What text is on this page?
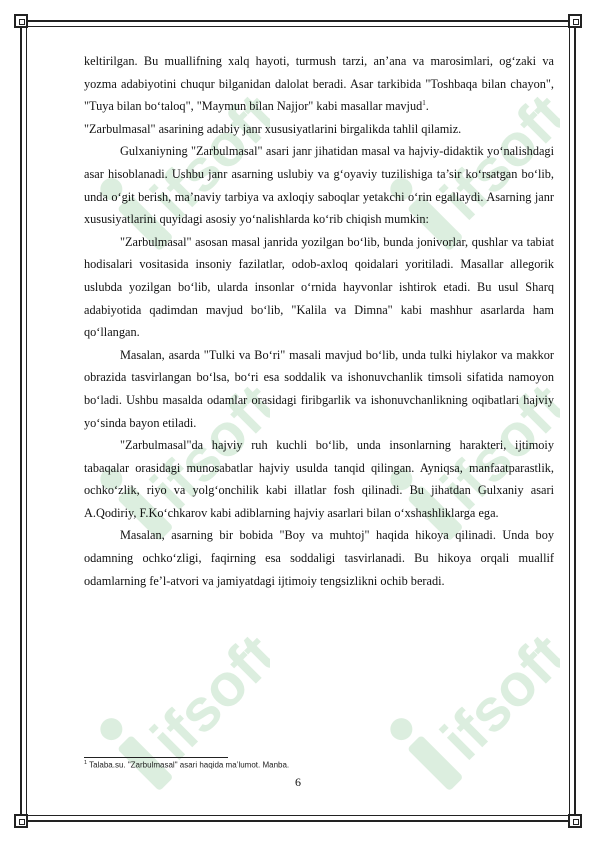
ifsoft ifsoft
ifsoft ifsoft
ifsoft ifsoft

keltirilgan. Bu muallifning xalq hayoti, turmush tarzi, an’ana va marosimlari, og‘zaki va yozma adabiyotini chuqur bilganidan dalolat beradi. Asar tarkibida "Toshbaqa bilan chayon", "Tuya bilan bo‘taloq", "Maymun bilan Najjor" kabi masallar mavjud$^1$.

"Zarbulmasal" asarining adabiy janr xususiyatlarini birgalikda tahlil qilamiz.

Gulxaniyning "Zarbulmasal" asari janr jihatidan masal va hajviy-didaktik yo‘nalishdagi asar hisoblanadi. Ushbu janr asarning uslubiy va g‘oyaviy tuzilishiga ta’sir ko‘rsatgan bo‘lib, unda o‘git berish, ma’naviy tarbiya va axloqiy saboqlar yetakchi o‘rin egallaydi. Asarning janr xususiyatlarini quyidagi asosiy yo‘nalishlarda ko‘rib chiqish mumkin:

"Zarbulmasal" asosan masal janrida yozilgan bo‘lib, bunda jonivorlar, qushlar va tabiat hodisalari vositasida insoniy fazilatlar, odob-axloq qoidalari yoritiladi. Masallar allegorik uslubda yozilgan bo‘lib, ularda insonlar o‘rnida hayvonlar ishtirok etadi. Bu usul Sharq adabiyotida qadimdan mavjud bo‘lib, "Kalila va Dimna" kabi mashhur asarlarda ham qo‘llangan.

Masalan, asarda "Tulki va Bo‘ri" masali mavjud bo‘lib, unda tulki hiylakor va makkor obrazida tasvirlangan bo‘lsa, bo‘ri esa soddalik va ishonuvchanlik timsoli sifatida namoyon bo‘ladi. Ushbu masalda odamlar orasidagi firibgarlik va ishonuvchanlikning oqibatlari hajviy yo‘sinda bayon etiladi.

"Zarbulmasal"da hajviy ruh kuchli bo‘lib, unda insonlarning harakteri, ijtimoiy tabaqalar orasidagi munosabatlar hajviy usulda tanqid qilingan. Ayniqsa, manfaatparastlik, ochko‘zlik, riyo va yolg‘onchilik kabi illatlar fosh qilinadi. Bu jihatdan Gulxaniy asari A.Qodiriy, F.Ko‘chkarov kabi adiblarning hajviy asarlari bilan o‘xshashliklarga ega.

Masalan, asarning bir bobida "Boy va muhtoj" haqida hikoya qilinadi. Unda boy odamning ochko‘zligi, faqirning esa soddaligi tasvirlanadi. Bu hikoya orqali muallif odamlarning fe’l-atvori va jamiyatdagi ijtimoiy tengsizlikni ochib beradi.

$^1$ Talaba.su. "Zarbulmasal" asari haqida ma’lumot. Manba.
6
